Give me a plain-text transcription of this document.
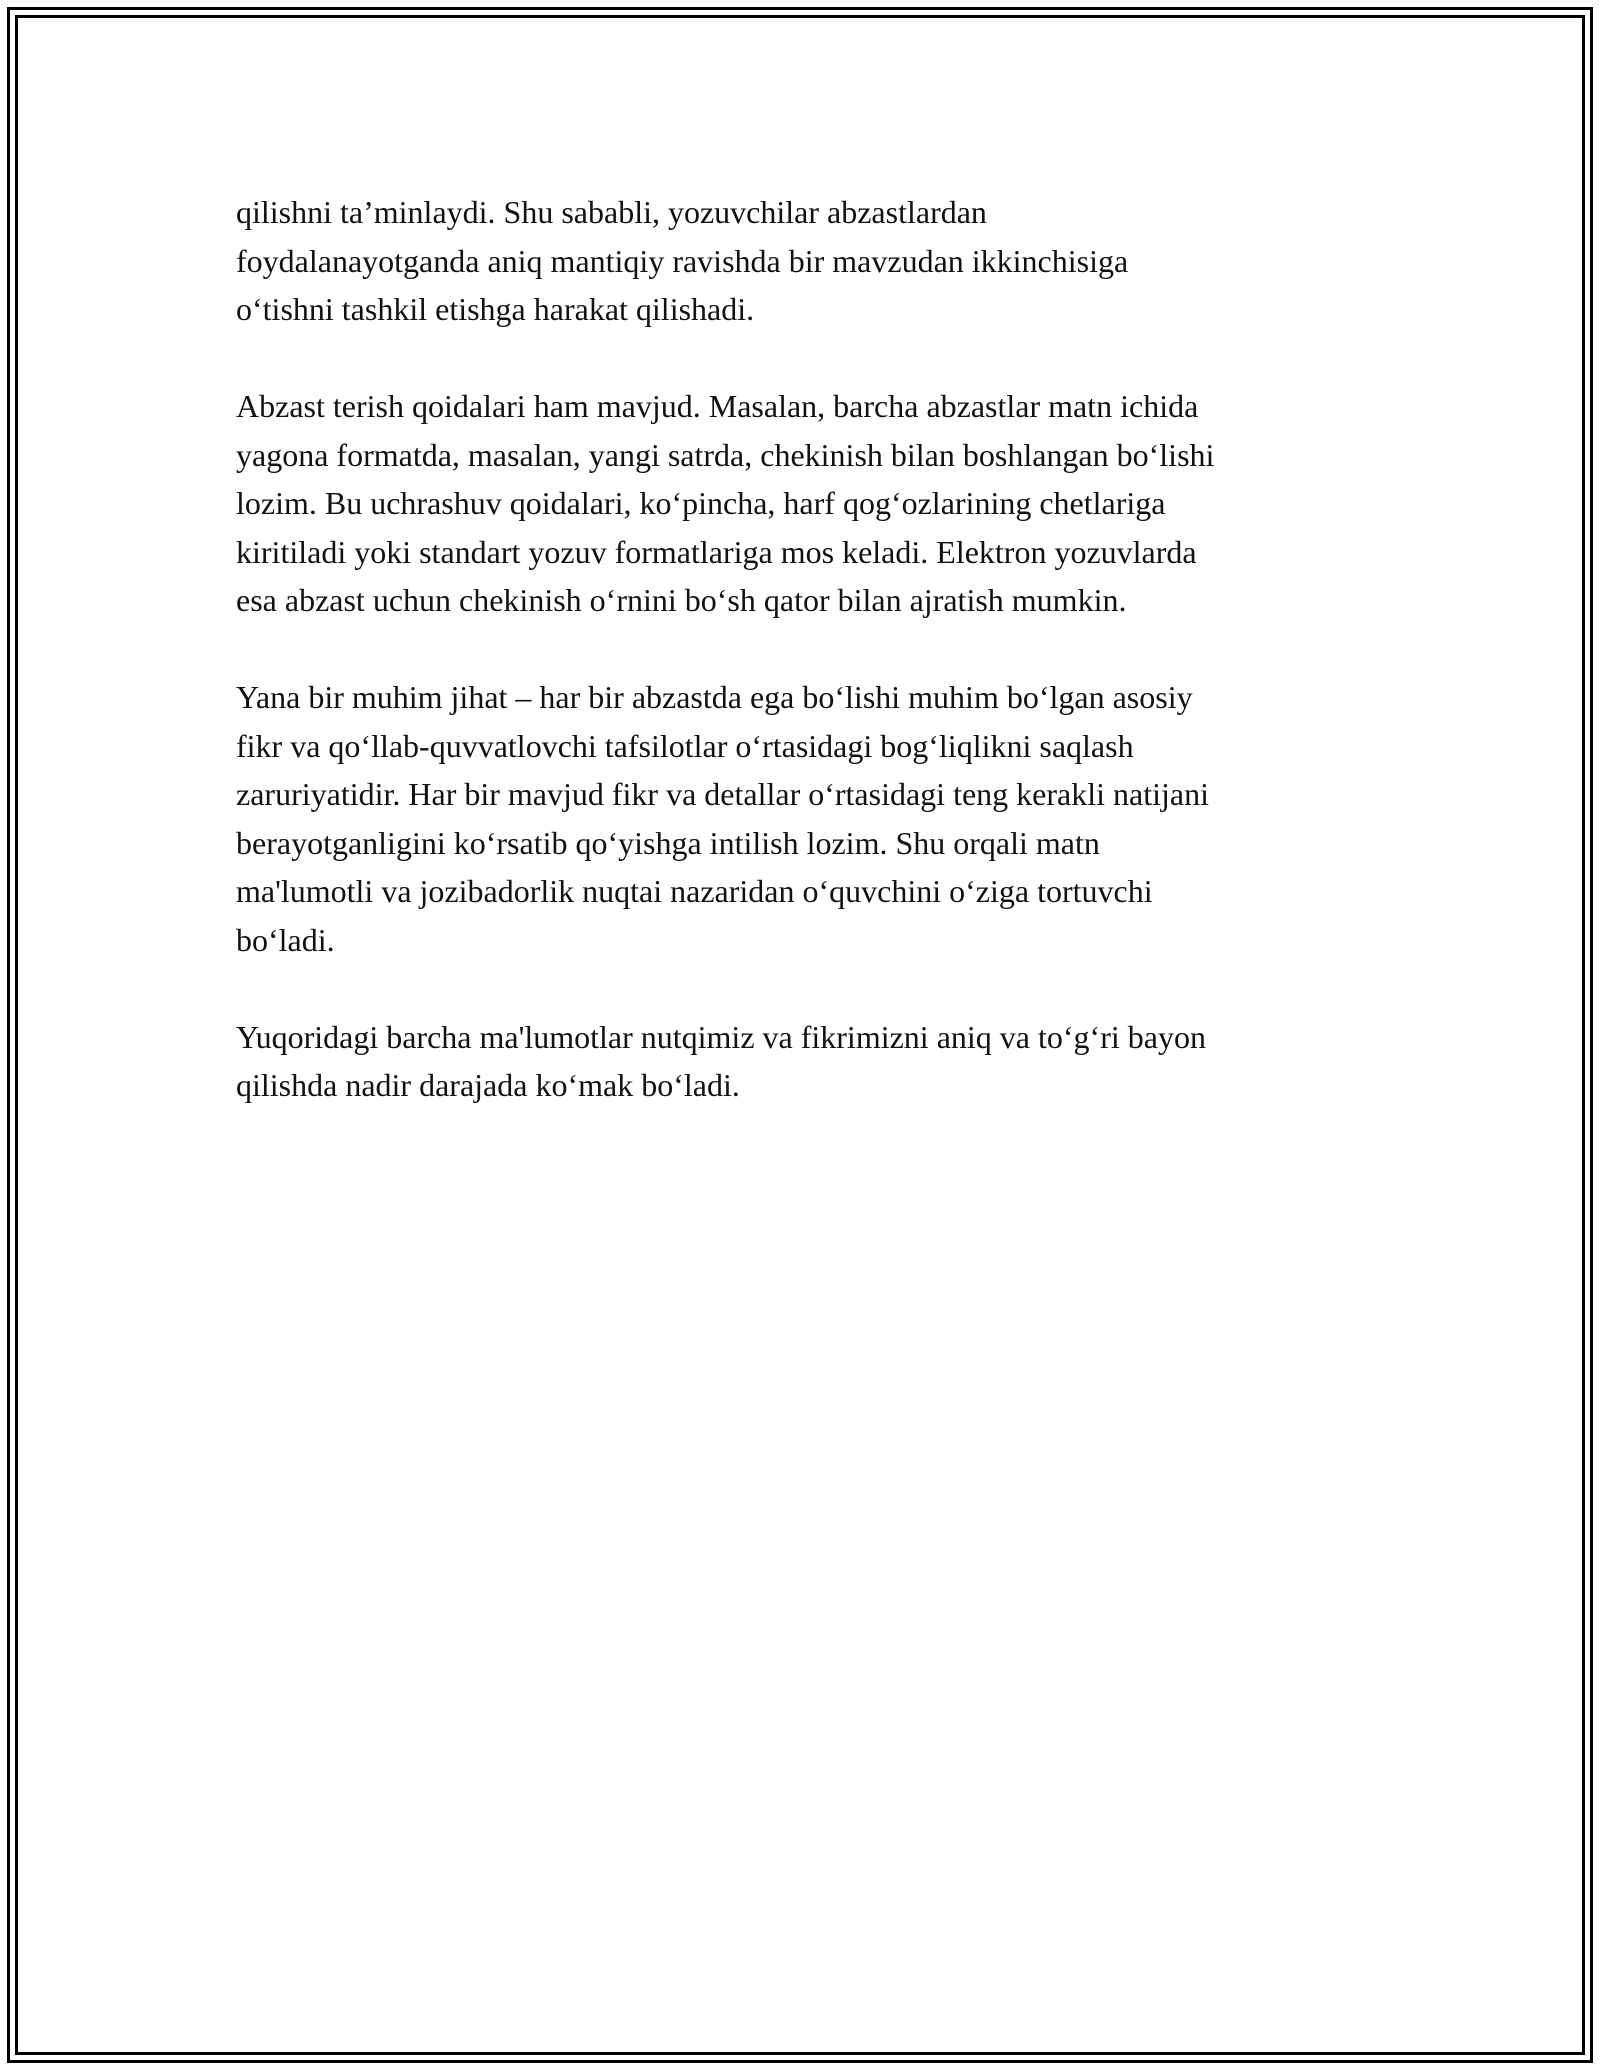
qilishni ta’minlaydi. Shu sababli, yozuvchilar abzastlardan
foydalanayotganda aniq mantiqiy ravishda bir mavzudan ikkinchisiga
o‘tishni tashkil etishga harakat qilishadi.

Abzast terish qoidalari ham mavjud. Masalan, barcha abzastlar matn ichida
yagona formatda, masalan, yangi satrda, chekinish bilan boshlangan bo‘lishi
lozim. Bu uchrashuv qoidalari, ko‘pincha, harf qog‘ozlarining chetlariga
kiritiladi yoki standart yozuv formatlariga mos keladi. Elektron yozuvlarda
esa abzast uchun chekinish o‘rnini bo‘sh qator bilan ajratish mumkin.

Yana bir muhim jihat – har bir abzastda ega bo‘lishi muhim bo‘lgan asosiy
fikr va qo‘llab-quvvatlovchi tafsilotlar o‘rtasidagi bog‘liqlikni saqlash
zaruriyatidir. Har bir mavjud fikr va detallar o‘rtasidagi teng kerakli natijani
berayotganligini ko‘rsatib qo‘yishga intilish lozim. Shu orqali matn
ma'lumotli va jozibadorlik nuqtai nazaridan o‘quvchini o‘ziga tortuvchi
bo‘ladi.

Yuqoridagi barcha ma'lumotlar nutqimiz va fikrimizni aniq va to‘g‘ri bayon
qilishda nadir darajada ko‘mak bo‘ladi.
